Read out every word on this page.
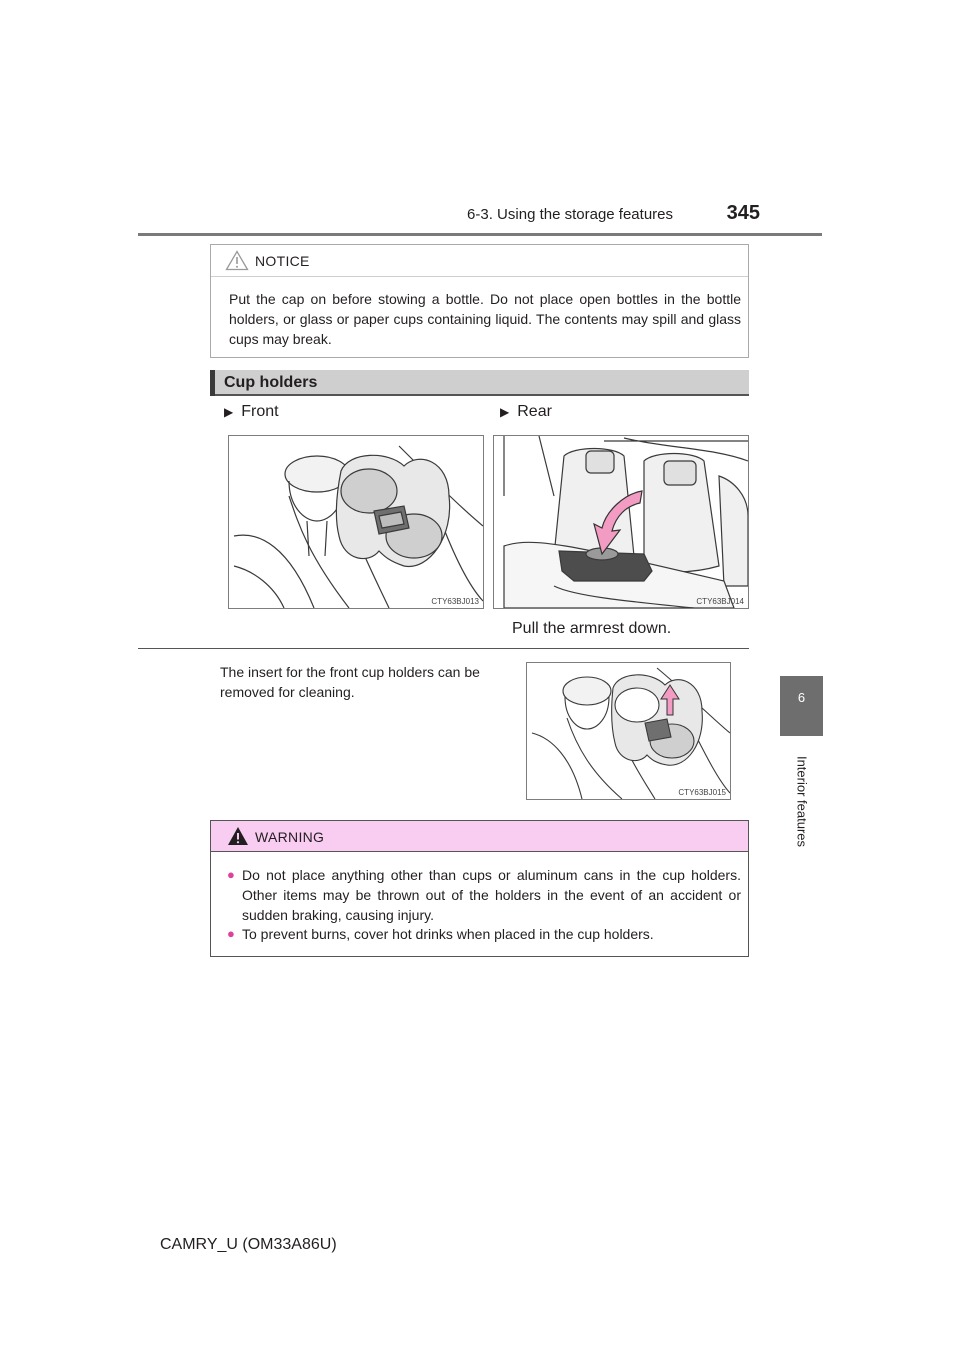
6-3. Using the storage features	345
6
Interior features
NOTICE
Put the cap on before stowing a bottle. Do not place open bottles in the bottle holders, or glass or paper cups containing liquid. The contents may spill and glass cups may break.
Cup holders
▶ Front	▶ Rear
CTY63BJ013	CTY63BJ014
Pull the armrest down.
The insert for the front cup holders can be removed for cleaning.
CTY63BJ015
WARNING
● Do not place anything other than cups or aluminum cans in the cup holders. Other items may be thrown out of the holders in the event of an accident or sudden braking, causing injury.
● To prevent burns, cover hot drinks when placed in the cup holders.
CAMRY_U (OM33A86U)
